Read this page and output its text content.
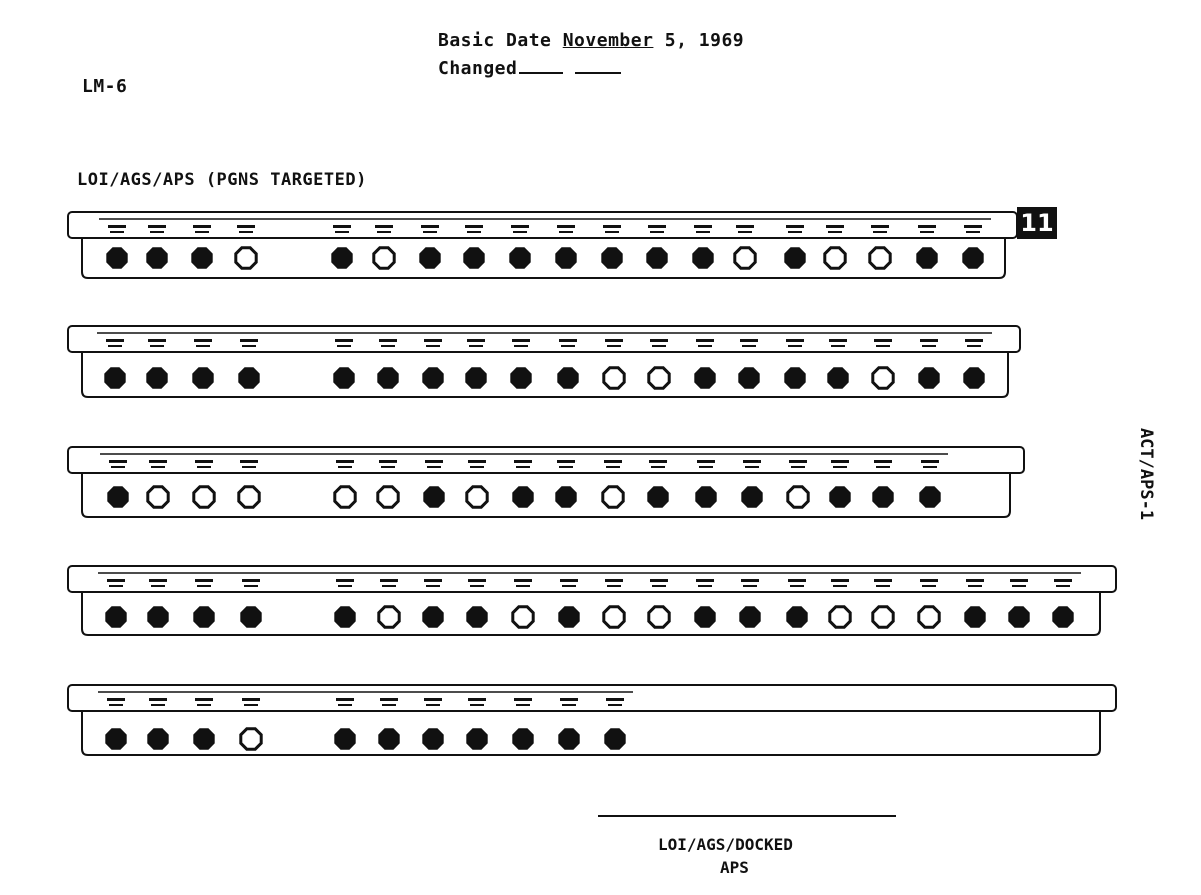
LM-6
Basic Date November 5, 1969
Changed
LOI/AGS/APS (PGNS TARGETED)
11
ACT/APS-1
LOI/AGS/DOCKED
APS
